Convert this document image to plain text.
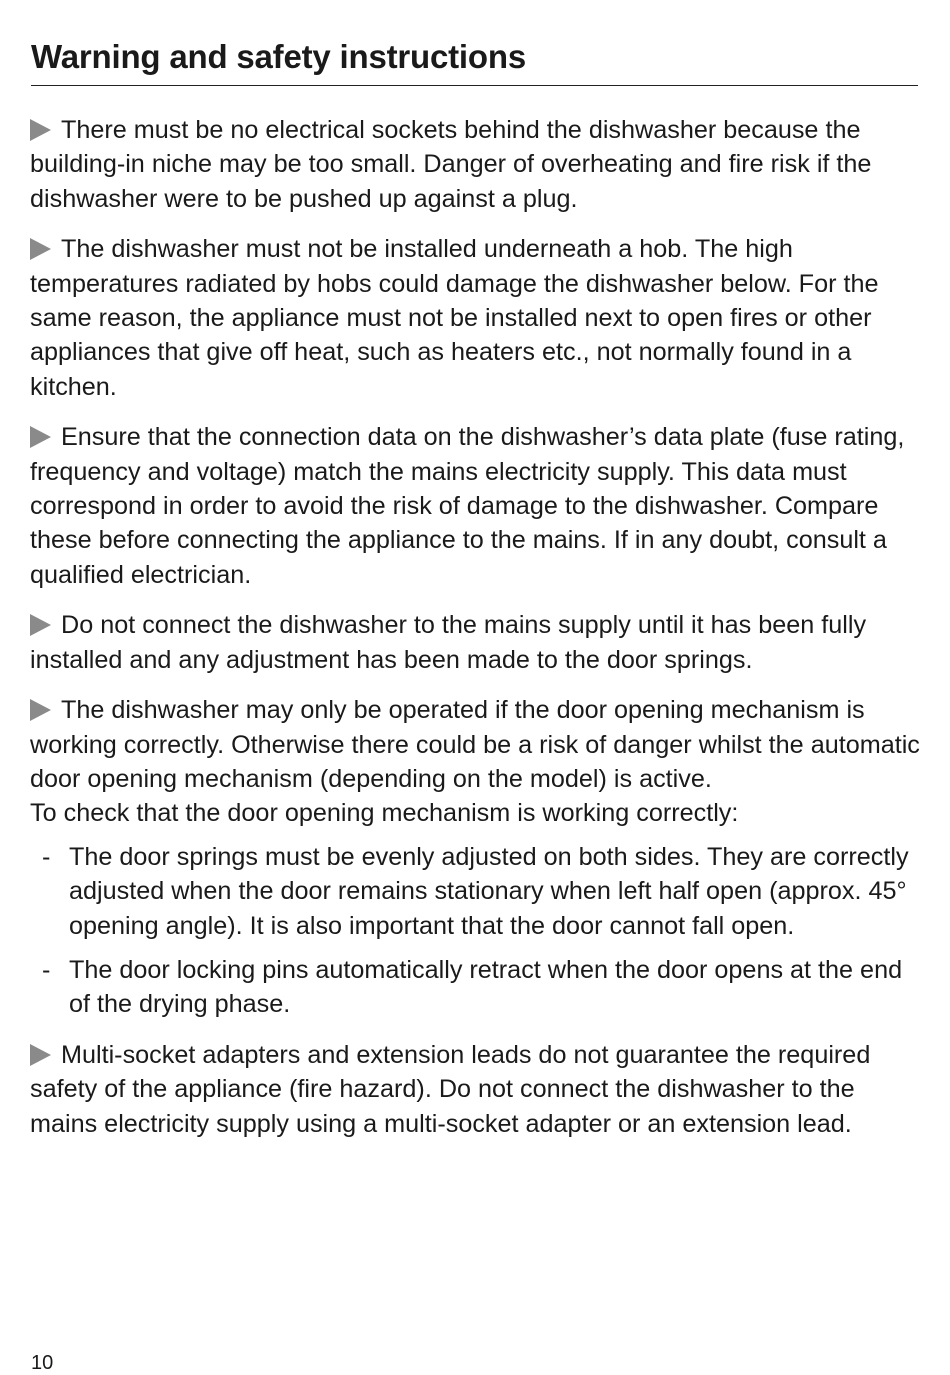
Warning and safety instructions

There must be no electrical sockets behind the dishwasher because the building-in niche may be too small. Danger of overheating and fire risk if the dishwasher were to be pushed up against a plug.

The dishwasher must not be installed underneath a hob. The high temperatures radiated by hobs could damage the dishwasher below. For the same reason, the appliance must not be installed next to open fires or other appliances that give off heat, such as heaters etc., not normally found in a kitchen.

Ensure that the connection data on the dishwasher’s data plate (fuse rating, frequency and voltage) match the mains electricity supply. This data must correspond in order to avoid the risk of damage to the dishwasher. Compare these before connecting the appliance to the mains. If in any doubt, consult a qualified electrician.

Do not connect the dishwasher to the mains supply until it has been fully installed and any adjustment has been made to the door springs.

The dishwasher may only be operated if the door opening mechanism is working correctly. Otherwise there could be a risk of danger whilst the automatic door opening mechanism (depending on the model) is active.
To check that the door opening mechanism is working correctly:

- The door springs must be evenly adjusted on both sides. They are correctly adjusted when the door remains stationary when left half open (approx. 45° opening angle). It is also important that the door cannot fall open.
- The door locking pins automatically retract when the door opens at the end of the drying phase.

Multi-socket adapters and extension leads do not guarantee the required safety of the appliance (fire hazard). Do not connect the dishwasher to the mains electricity supply using a multi-socket adapter or an extension lead.

10
